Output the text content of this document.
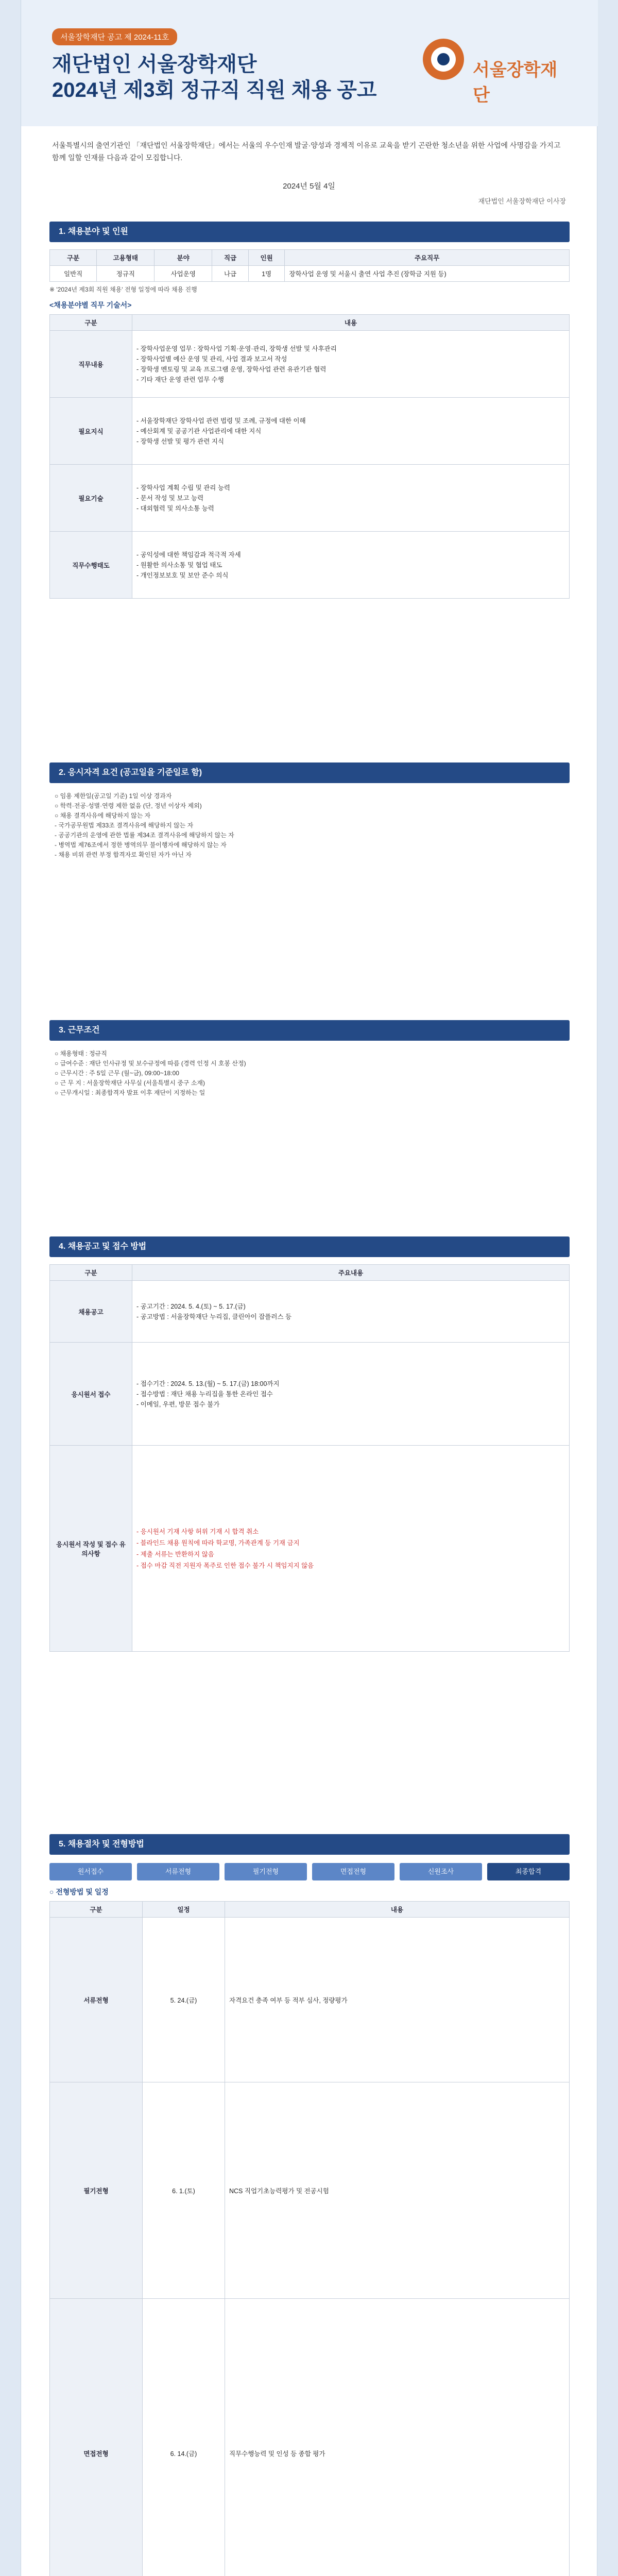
서울장학재단 공고 제 2024-11호
재단법인 서울장학재단
2024년 제3회 정규직 직원 채용 공고
서울장학재단
서울특별시의 출연기관인 「재단법인 서울장학재단」에서는 서울의 우수인재 발굴·양성과 경제적 이유로 교육을 받기 곤란한 청소년을 위한 사업에 사명감을 가지고 함께 일할 인재를 다음과 같이 모집합니다.
2024년 5월 4일
재단법인 서울장학재단 이사장
1. 채용분야 및 인원
구분	고용형태	분야	직급	인원	주요직무
일반직	정규직	사업운영	나급	1명	장학사업 운영 및 서울시 출연 사업 추진 (장학금 지원 등)
※ '2024년 제3회 직원 채용' 전형 일정에 따라 채용 진행
<채용분야별 직무 기술서>
구분	내용
직무내용	- 장학사업운영 업무 : 장학사업 기획·운영·관리, 장학생 선발 및 사후관리
- 장학사업별 예산 운영 및 관리, 사업 결과 보고서 작성
- 장학생 멘토링 및 교육 프로그램 운영, 장학사업 관련 유관기관 협력
- 기타 재단 운영 관련 업무 수행
필요지식	- 서울장학재단 장학사업 관련 법령 및 조례, 규정에 대한 이해
- 예산회계 및 공공기관 사업관리에 대한 지식
- 장학생 선발 및 평가 관련 지식
필요기술	- 장학사업 계획 수립 및 관리 능력
- 문서 작성 및 보고 능력
- 대외협력 및 의사소통 능력
직무수행태도	- 공익성에 대한 책임감과 적극적 자세
- 원활한 의사소통 및 협업 태도
- 개인정보보호 및 보안 준수 의식
2. 응시자격 요건 (공고일을 기준일로 함)
○ 임용 제한일(공고일 기준) 1일 이상 경과자
○ 학력·전공·성별·연령 제한 없음 (단, 정년 이상자 제외)
○ 채용 결격사유에 해당하지 않는 자
- 국가공무원법 제33조 결격사유에 해당하지 않는 자
- 공공기관의 운영에 관한 법률 제34조 결격사유에 해당하지 않는 자
- 병역법 제76조에서 정한 병역의무 불이행자에 해당하지 않는 자
- 채용 비위 관련 부정 합격자로 확인된 자가 아닌 자
3. 근무조건
○ 채용형태 : 정규직
○ 급여수준 : 재단 인사규정 및 보수규정에 따름 (경력 인정 시 호봉 산정)
○ 근무시간 : 주 5일 근무 (월~금), 09:00~18:00
○ 근 무 지 : 서울장학재단 사무실 (서울특별시 중구 소재)
○ 근무개시일 : 최종합격자 발표 이후 재단이 지정하는 일
4. 채용공고 및 접수 방법
구분	주요내용
채용공고	- 공고기간 : 2024. 5. 4.(토) ~ 5. 17.(금)
- 공고방법 : 서울장학재단 누리집, 클린아이 잡플러스 등
응시원서 접수	- 접수기간 : 2024. 5. 13.(월) ~ 5. 17.(금) 18:00까지
- 접수방법 : 재단 채용 누리집을 통한 온라인 접수
- 이메일, 우편, 방문 접수 불가
응시원서 작성 및 접수 유의사항	- 응시원서 기재 사항 허위 기재 시 합격 취소
- 블라인드 채용 원칙에 따라 학교명, 가족관계 등 기재 금지
- 제출 서류는 반환하지 않음
- 접수 마감 직전 지원자 폭주로 인한 접수 불가 시 책임지지 않음
5. 채용절차 및 전형방법
원서접수	서류전형	필기전형	면접전형	신원조사	최종합격
○ 전형방법 및 일정
구분	일정	내용
서류전형	5. 24.(금)	자격요건 충족 여부 등 적부 심사, 정량평가
필기전형	6. 1.(토)	NCS 직업기초능력평가 및 전공시험
면접전형	6. 14.(금)	직무수행능력 및 인성 등 종합 평가
